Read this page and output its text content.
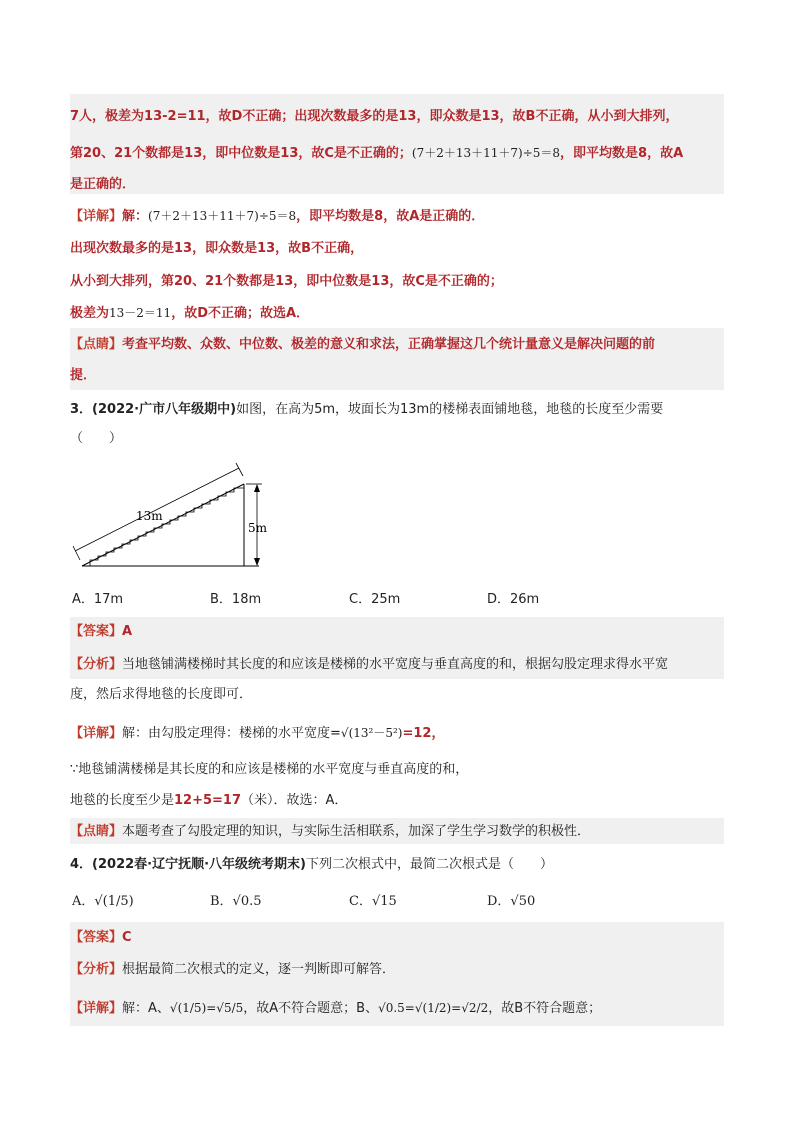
7人，极差为13-2=11，故D不正确；出现次数最多的是13，即众数是13，故B不正确，从小到大排列，
第20、21个数都是13，即中位数是13，故C是不正确的；(7＋2＋13＋11＋7)÷5＝8，即平均数是8，故A
是正确的．
【详解】解：(7＋2＋13＋11＋7)÷5＝8，即平均数是8，故A是正确的．
出现次数最多的是13，即众数是13，故B不正确，
从小到大排列，第20、21个数都是13，即中位数是13，故C是不正确的；
极差为13－2＝11，故D不正确；故选A．
【点睛】考查平均数、众数、中位数、极差的意义和求法，正确掌握这几个统计量意义是解决问题的前
提．
3．(2022·广市八年级期中)如图，在高为5m，坡面长为13m的楼梯表面铺地毯，地毯的长度至少需要
（　　）
13m
5m
A．17m	B．18m	C．25m	D．26m
【答案】A
【分析】当地毯铺满楼梯时其长度的和应该是楼梯的水平宽度与垂直高度的和，根据勾股定理求得水平宽
度，然后求得地毯的长度即可．
【详解】解：由勾股定理得：楼梯的水平宽度=√(13²－5²)=12，
∵地毯铺满楼梯是其长度的和应该是楼梯的水平宽度与垂直高度的和，
地毯的长度至少是12+5=17（米）．故选：A．
【点睛】本题考查了勾股定理的知识，与实际生活相联系，加深了学生学习数学的积极性．
4．(2022春·辽宁抚顺·八年级统考期末)下列二次根式中，最简二次根式是（　　）
A．√(1/5)	B．√0.5	C．√15	D．√50
【答案】C
【分析】根据最简二次根式的定义，逐一判断即可解答．
【详解】解：A、√(1/5)=√5/5，故A不符合题意；B、√0.5=√(1/2)=√2/2，故B不符合题意；
